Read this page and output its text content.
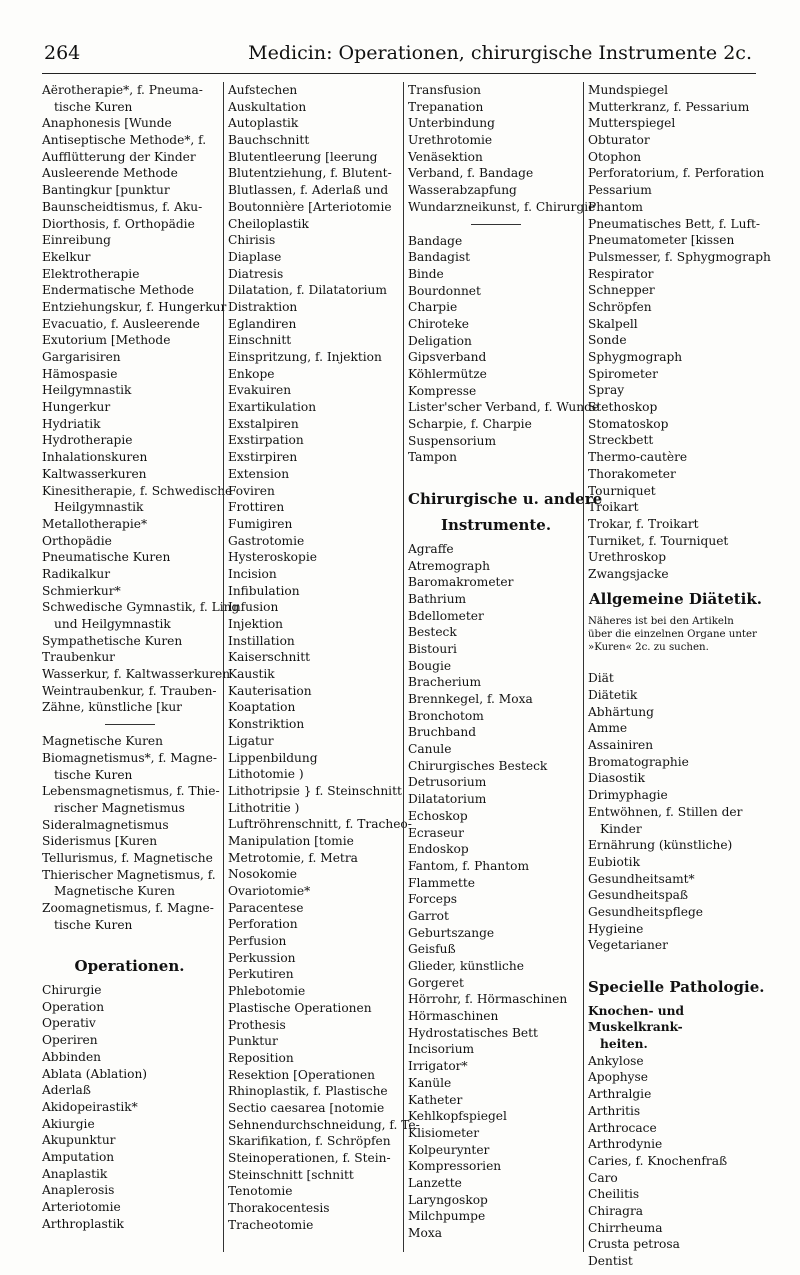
264	Medicin: Operationen, chirurgische Instrumente 2c.
Aërotherapie*, f. Pneuma-
tische Kuren
Anaphonesis [Wunde
Antiseptische Methode*, f.
Aufflütterung der Kinder
Ausleerende Methode
Bantingkur [punktur
Baunscheidtismus, f. Aku-
Diorthosis, f. Orthopädie
Einreibung
Ekelkur
Elektrotherapie
Endermatische Methode
Entziehungskur, f. Hungerkur
Evacuatio, f. Ausleerende
Exutorium [Methode
Gargarisiren
Hämospasie
Heilgymnastik
Hungerkur
Hydriatik
Hydrotherapie
Inhalationskuren
Kaltwasserkuren
Kinesitherapie, f. Schwedische
Heilgymnastik
Metallotherapie*
Orthopädie
Pneumatische Kuren
Radikalkur
Schmierkur*
Schwedische Gymnastik, f. Ling
und Heilgymnastik
Sympathetische Kuren
Traubenkur
Wasserkur, f. Kaltwasserkuren
Weintraubenkur, f. Trauben-
Zähne, künstliche [kur
Magnetische Kuren
Biomagnetismus*, f. Magne-
tische Kuren
Lebensmagnetismus, f. Thie-
rischer Magnetismus
Sideralmagnetismus
Siderismus [Kuren
Tellurismus, f. Magnetische
Thierischer Magnetismus, f.
Magnetische Kuren
Zoomagnetismus, f. Magne-
tische Kuren
Operationen.
Chirurgie
Operation
Operativ
Operiren
Abbinden
Ablata (Ablation)
Aderlaß
Akidopeirastik*
Akiurgie
Akupunktur
Amputation
Anaplastik
Anaplerosis
Arteriotomie
Arthroplastik
Aufstechen
Auskultation
Autoplastik
Bauchschnitt
Blutentleerung [leerung
Blutentziehung, f. Blutent-
Blutlassen, f. Aderlaß und
Boutonnière [Arteriotomie
Cheiloplastik
Chirisis
Diaplase
Diatresis
Dilatation, f. Dilatatorium
Distraktion
Eglandiren
Einschnitt
Einspritzung, f. Injektion
Enkope
Evakuiren
Exartikulation
Exstalpiren
Exstirpation
Exstirpiren
Extension
Foviren
Frottiren
Fumigiren
Gastrotomie
Hysteroskopie
Incision
Infibulation
Infusion
Injektion
Instillation
Kaiserschnitt
Kaustik
Kauterisation
Koaptation
Konstriktion
Ligatur
Lippenbildung
Lithotomie )
Lithotripsie } f. Steinschnitt
Lithotritie )
Luftröhrenschnitt, f. Tracheo-
Manipulation [tomie
Metrotomie, f. Metra
Nosokomie
Ovariotomie*
Paracentese
Perforation
Perfusion
Perkussion
Perkutiren
Phlebotomie
Plastische Operationen
Prothesis
Punktur
Reposition
Resektion [Operationen
Rhinoplastik, f. Plastische
Sectio caesarea [notomie
Sehnendurchschneidung, f. Te-
Skarifikation, f. Schröpfen
Steinoperationen, f. Stein-
Steinschnitt [schnitt
Tenotomie
Thorakocentesis
Tracheotomie
Transfusion
Trepanation
Unterbindung
Urethrotomie
Venäsektion
Verband, f. Bandage
Wasserabzapfung
Wundarzneikunst, f. Chirurgie
Bandage
Bandagist
Binde
Bourdonnet
Charpie
Chiroteke
Deligation
Gipsverband
Köhlermütze
Kompresse
Lister'scher Verband, f. Wunde
Scharpie, f. Charpie
Suspensorium
Tampon
Chirurgische u. andere
Instrumente.
Agraffe
Atremograph
Baromakrometer
Bathrium
Bdellometer
Besteck
Bistouri
Bougie
Bracherium
Brennkegel, f. Moxa
Bronchotom
Bruchband
Canule
Chirurgisches Besteck
Detrusorium
Dilatatorium
Echoskop
Ecraseur
Endoskop
Fantom, f. Phantom
Flammette
Forceps
Garrot
Geburtszange
Geisfuß
Glieder, künstliche
Gorgeret
Hörrohr, f. Hörmaschinen
Hörmaschinen
Hydrostatisches Bett
Incisorium
Irrigator*
Kanüle
Katheter
Kehlkopfspiegel
Klisiometer
Kolpeurynter
Kompressorien
Lanzette
Laryngoskop
Milchpumpe
Moxa
Mundspiegel
Mutterkranz, f. Pessarium
Mutterspiegel
Obturator
Otophon
Perforatorium, f. Perforation
Pessarium
Phantom
Pneumatisches Bett, f. Luft-
Pneumatometer [kissen
Pulsmesser, f. Sphygmograph
Respirator
Schnepper
Schröpfen
Skalpell
Sonde
Sphygmograph
Spirometer
Spray
Stethoskop
Stomatoskop
Streckbett
Thermo-cautère
Thorakometer
Tourniquet
Troikart
Trokar, f. Troikart
Turniket, f. Tourniquet
Urethroskop
Zwangsjacke
Allgemeine Diätetik.
Näheres ist bei den Artikeln
über die einzelnen Organe unter
»Kuren« 2c. zu suchen.
Diät
Diätetik
Abhärtung
Amme
Assainiren
Bromatographie
Diasostik
Drimyphagie
Entwöhnen, f. Stillen der
Kinder
Ernährung (künstliche)
Eubiotik
Gesundheitsamt*
Gesundheitspaß
Gesundheitspflege
Hygieine
Vegetarianer
Specielle Pathologie.
Knochen- und Muskelkrank-
heiten.
Ankylose
Apophyse
Arthralgie
Arthritis
Arthrocace
Arthrodynie
Caries, f. Knochenfraß
Caro
Cheilitis
Chiragra
Chirrheuma
Crusta petrosa
Dentist
